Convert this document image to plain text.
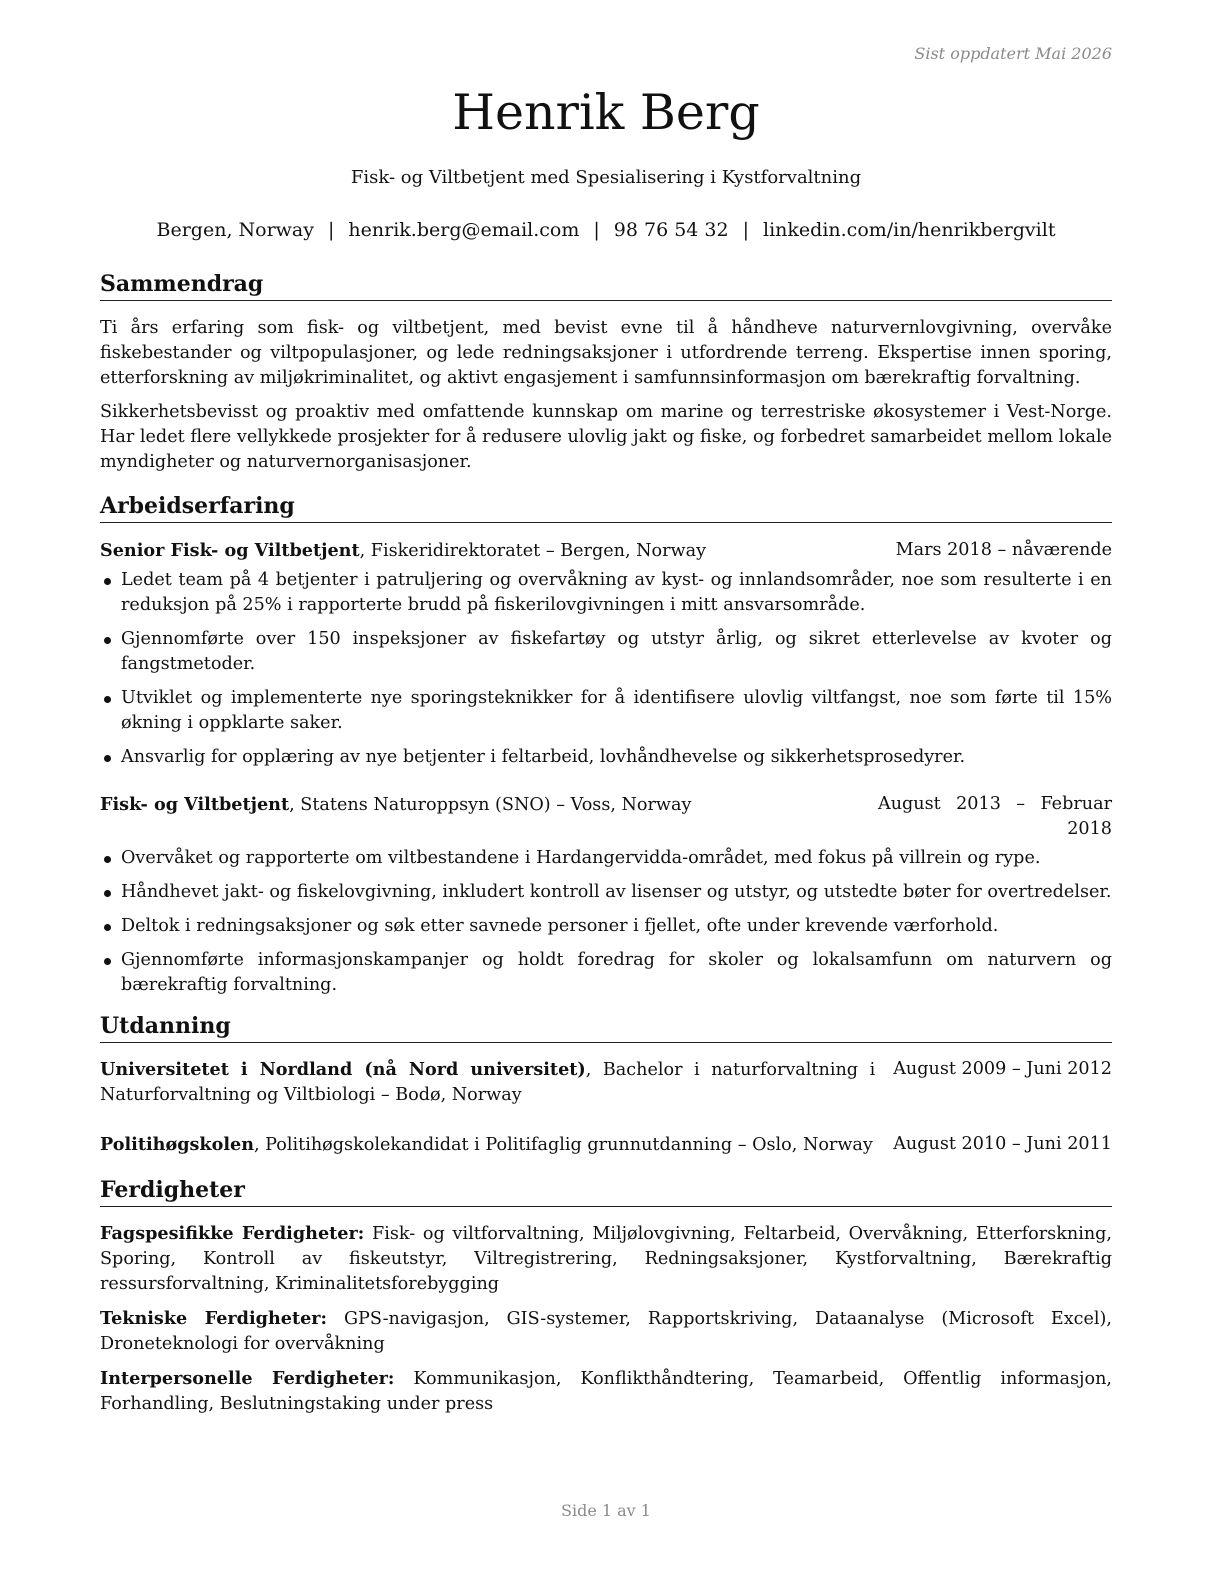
Sist oppdatert Mai 2026
Henrik Berg
Fisk- og Viltbetjent med Spesialisering i Kystforvaltning
Bergen, Norway | henrik.berg@email.com | 98 76 54 32 | linkedin.com/in/henrikbergvilt
Sammendrag

Ti års erfaring som fisk- og viltbetjent, med bevist evne til å håndheve naturvernlovgivning, overvåke fiskebestander og viltpopulasjoner, og lede redningsaksjoner i utfordrende terreng. Ekspertise innen sporing, etterforskning av miljøkriminalitet, og aktivt engasjement i samfunnsinformasjon om bærekraftig forvaltning.

Sikkerhetsbevisst og proaktiv med omfattende kunnskap om marine og terrestriske økosystemer i Vest-Norge. Har ledet flere vellykkede prosjekter for å redusere ulovlig jakt og fiske, og forbedret samarbeidet mellom lokale myndigheter og naturvernorganisasjoner.

Arbeidserfaring
Senior Fisk- og Viltbetjent, Fiskeridirektoratet – Bergen, Norway	Mars 2018 – nåværende
Ledet team på 4 betjenter i patruljering og overvåkning av kyst- og innlandsområder, noe som resulterte i en reduksjon på 25% i rapporterte brudd på fiskerilovgivningen i mitt ansvarsområde.
Gjennomførte over 150 inspeksjoner av fiskefartøy og utstyr årlig, og sikret etterlevelse av kvoter og fangstmetoder.
Utviklet og implementerte nye sporingsteknikker for å identifisere ulovlig viltfangst, noe som førte til 15% økning i oppklarte saker.
Ansvarlig for opplæring av nye betjenter i feltarbeid, lovhåndhevelse og sikkerhetsprosedyrer.
Fisk- og Viltbetjent, Statens Naturoppsyn (SNO) – Voss, Norway	August 2013 – Februar 2018
Overvåket og rapporterte om viltbestandene i Hardangervidda-området, med fokus på villrein og rype.
Håndhevet jakt- og fiskelovgivning, inkludert kontroll av lisenser og utstyr, og utstedte bøter for overtredelser.
Deltok i redningsaksjoner og søk etter savnede personer i fjellet, ofte under krevende værforhold.
Gjennomførte informasjonskampanjer og holdt foredrag for skoler og lokalsamfunn om naturvern og bærekraftig forvaltning.
Utdanning
Universitetet i Nordland (nå Nord universitet), Bachelor i naturforvaltning i Naturforvaltning og Viltbiologi – Bodø, Norway
August 2009 – Juni 2012
Politihøgskolen, Politihøgskolekandidat i Politifaglig grunnutdanning – Oslo, Norway	August 2010 – Juni 2011
Ferdigheter

Fagspesifikke Ferdigheter: Fisk- og viltforvaltning, Miljølovgivning, Feltarbeid, Overvåkning, Etterforskning, Sporing, Kontroll av fiskeutstyr, Viltregistrering, Redningsaksjoner, Kystforvaltning, Bærekraftig ressursforvaltning, Kriminalitetsforebygging

Tekniske Ferdigheter: GPS-navigasjon, GIS-systemer, Rapportskriving, Dataanalyse (Microsoft Excel), Droneteknologi for overvåkning

Interpersonelle Ferdigheter: Kommunikasjon, Konflikthåndtering, Teamarbeid, Offentlig informasjon, Forhandling, Beslutningstaking under press

Side 1 av 1
